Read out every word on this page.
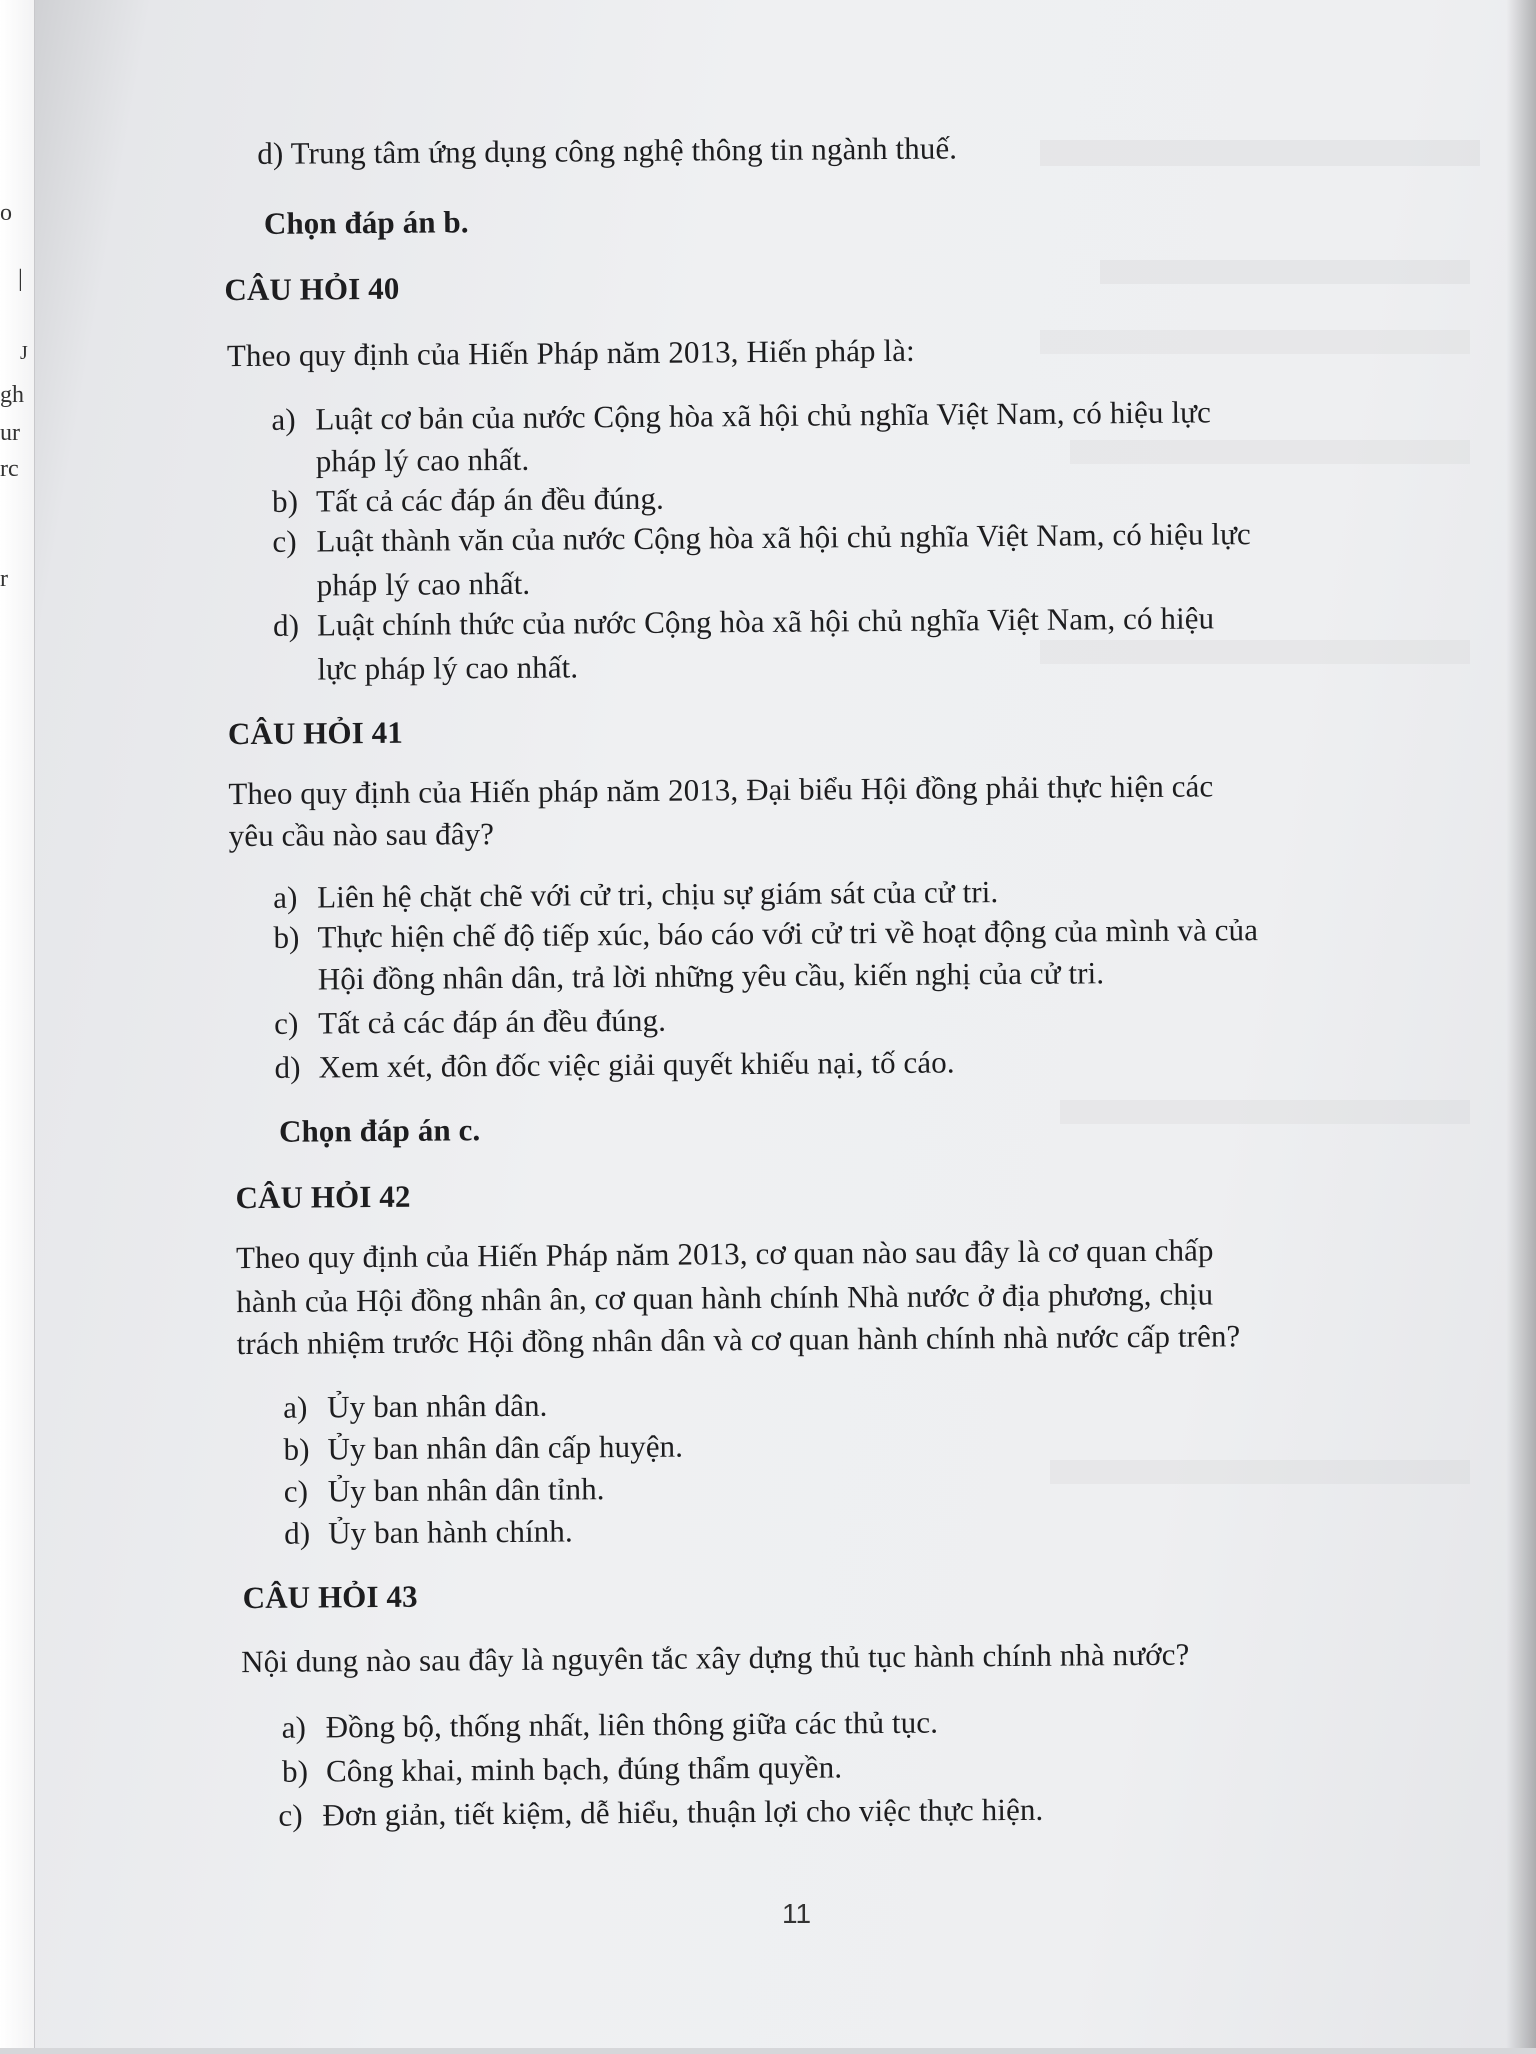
o
|
J
gh
ur
rc
r
d) Trung tâm ứng dụng công nghệ thông tin ngành thuế.
Chọn đáp án b.
CÂU HỎI 40
Theo quy định của Hiến Pháp năm 2013, Hiến pháp là:
a) Luật cơ bản của nước Cộng hòa xã hội chủ nghĩa Việt Nam, có hiệu lực
pháp lý cao nhất.
b) Tất cả các đáp án đều đúng.
c) Luật thành văn của nước Cộng hòa xã hội chủ nghĩa Việt Nam, có hiệu lực
pháp lý cao nhất.
d) Luật chính thức của nước Cộng hòa xã hội chủ nghĩa Việt Nam, có hiệu
lực pháp lý cao nhất.
CÂU HỎI 41
Theo quy định của Hiến pháp năm 2013, Đại biểu Hội đồng phải thực hiện các
yêu cầu nào sau đây?
a) Liên hệ chặt chẽ với cử tri, chịu sự giám sát của cử tri.
b) Thực hiện chế độ tiếp xúc, báo cáo với cử tri về hoạt động của mình và của
Hội đồng nhân dân, trả lời những yêu cầu, kiến nghị của cử tri.
c) Tất cả các đáp án đều đúng.
d) Xem xét, đôn đốc việc giải quyết khiếu nại, tố cáo.
Chọn đáp án c.
CÂU HỎI 42
Theo quy định của Hiến Pháp năm 2013, cơ quan nào sau đây là cơ quan chấp
hành của Hội đồng nhân ân, cơ quan hành chính Nhà nước ở địa phương, chịu
trách nhiệm trước Hội đồng nhân dân và cơ quan hành chính nhà nước cấp trên?
a) Ủy ban nhân dân.
b) Ủy ban nhân dân cấp huyện.
c) Ủy ban nhân dân tỉnh.
d) Ủy ban hành chính.
CÂU HỎI 43
Nội dung nào sau đây là nguyên tắc xây dựng thủ tục hành chính nhà nước?
a) Đồng bộ, thống nhất, liên thông giữa các thủ tục.
b) Công khai, minh bạch, đúng thẩm quyền.
c) Đơn giản, tiết kiệm, dễ hiểu, thuận lợi cho việc thực hiện.
11
